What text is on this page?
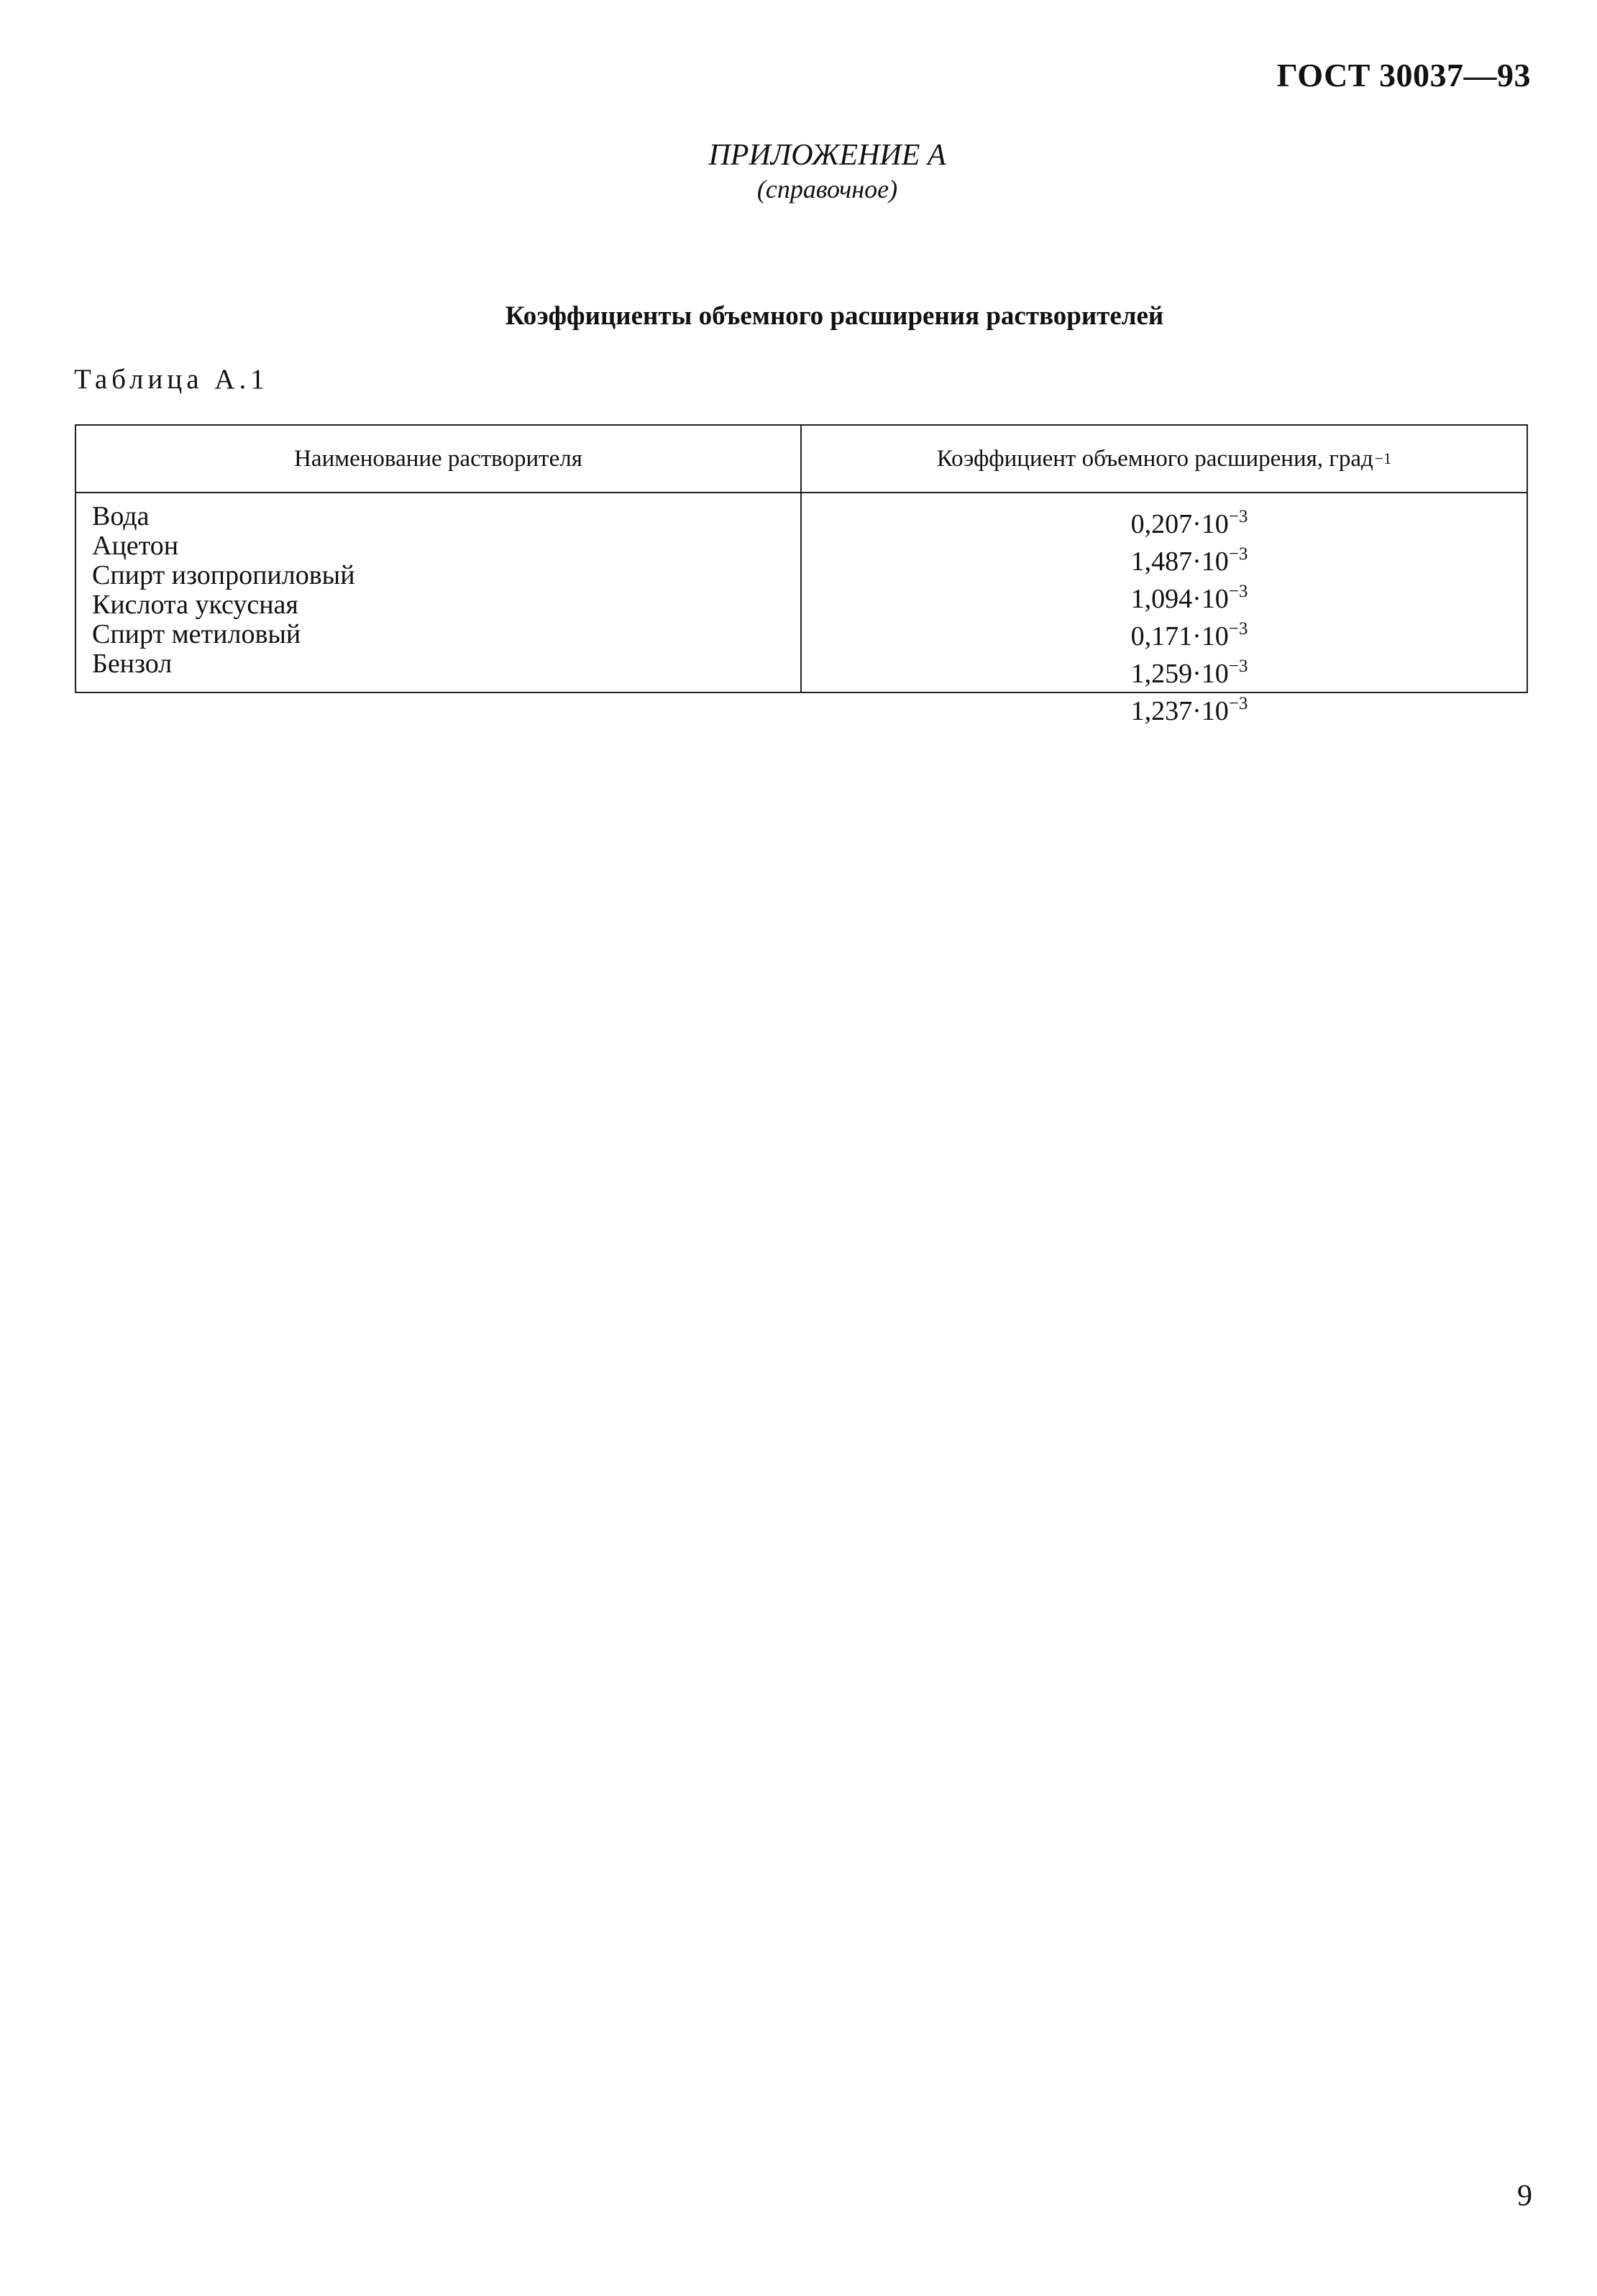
ГОСТ 30037—93
ПРИЛОЖЕНИЕ А
(справочное)
Коэффициенты объемного расширения растворителей
Таблица А.1
Наименование растворителя	Коэффициент объемного расширения, град −1
Вода
Ацетон
Спирт изопропиловый
Кислота уксусная
Спирт метиловый
Бензол
$0,207\cdot 10^{-3}$
$1,487\cdot 10^{-3}$
$1,094\cdot 10^{-3}$
$0,171\cdot 10^{-3}$
$1,259\cdot 10^{-3}$
$1,237\cdot 10^{-3}$
9
